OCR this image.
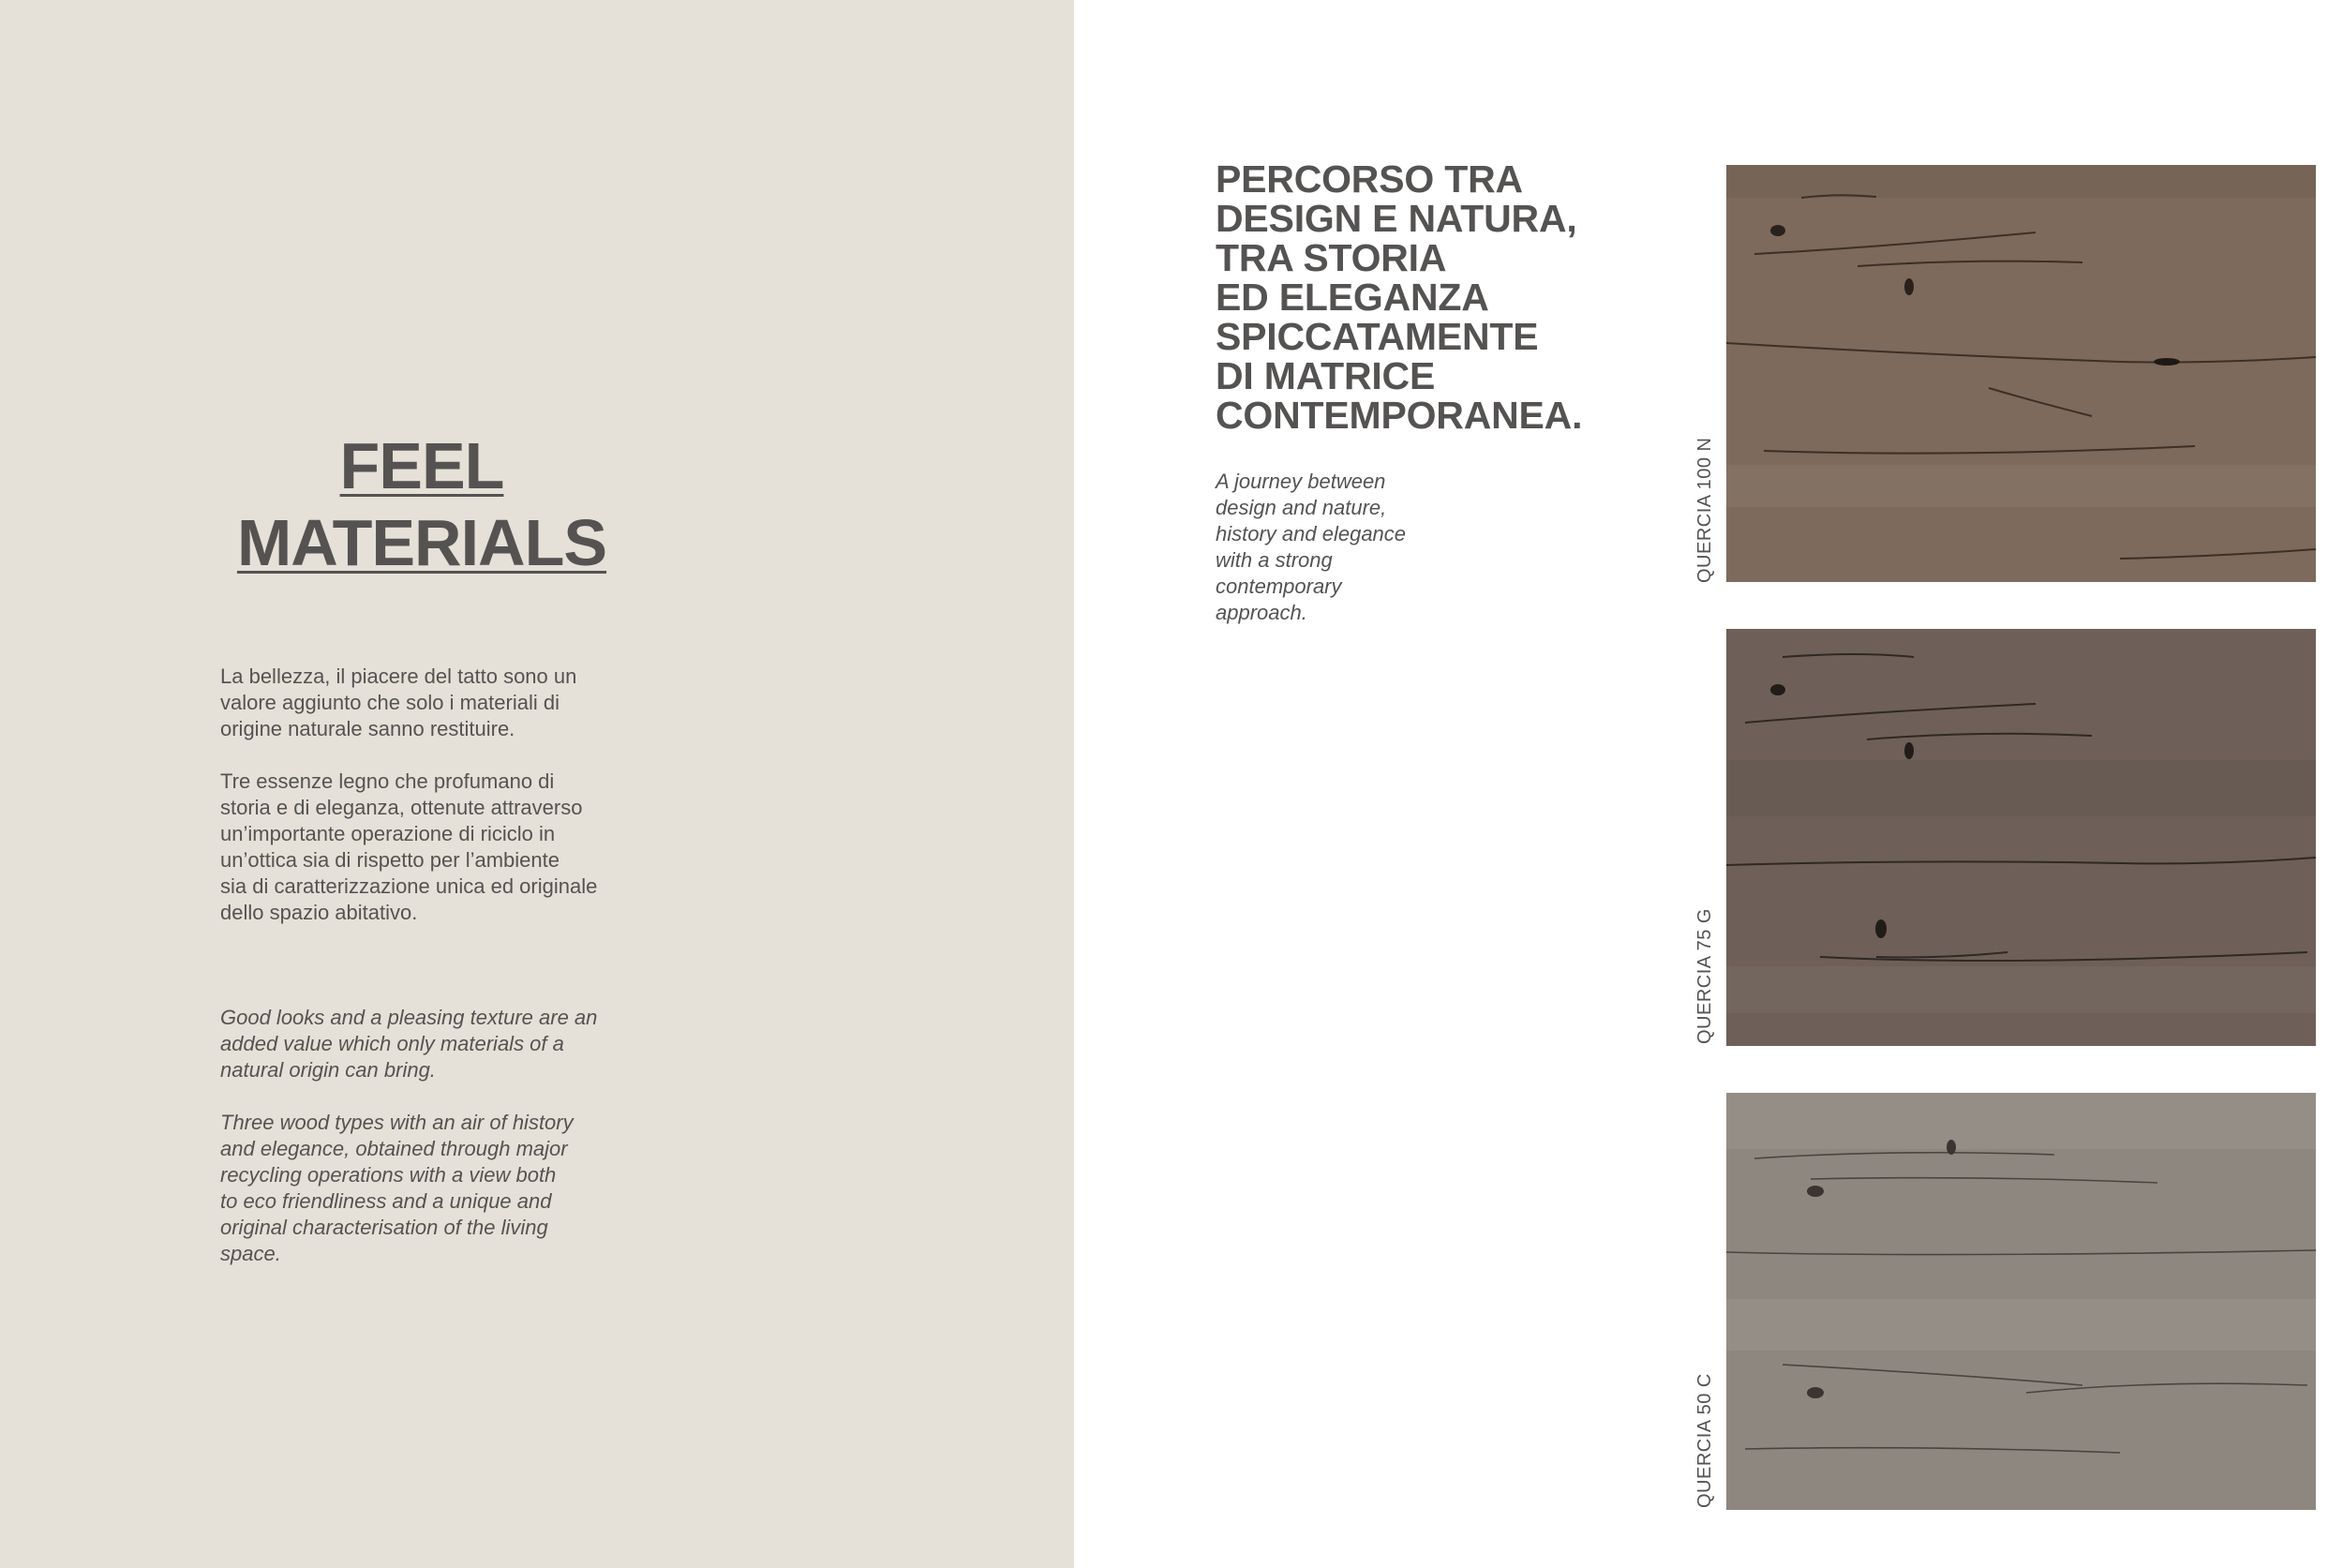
FEEL
MATERIALS
La bellezza, il piacere del tatto sono un
valore aggiunto che solo i materiali di
origine naturale sanno restituire.
Tre essenze legno che profumano di
storia e di eleganza, ottenute attraverso
un’importante operazione di riciclo in
un’ottica sia di rispetto per l’ambiente
sia di caratterizzazione unica ed originale
dello spazio abitativo.
Good looks and a pleasing texture are an
added value which only materials of a
natural origin can bring.
Three wood types with an air of history
and elegance, obtained through major
recycling operations with a view both
to eco friendliness and a unique and
original characterisation of the living
space.
PERCORSO TRA
DESIGN E NATURA,
TRA STORIA
ED ELEGANZA
SPICCATAMENTE
DI MATRICE
CONTEMPORANEA.
A journey between
design and nature,
history and elegance
with a strong
contemporary
approach.
QUERCIA 100 N
QUERCIA 75 G
QUERCIA 50 C
